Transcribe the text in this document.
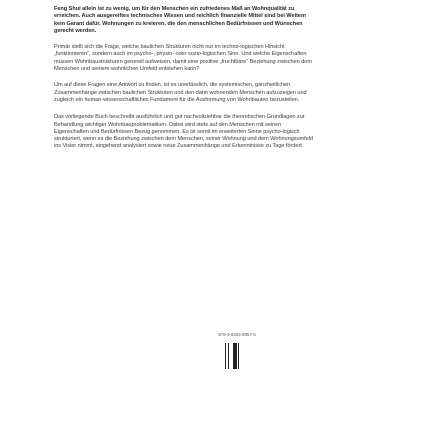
Feng Shui allein ist zu wenig, um für den Menschen ein zufriedenes Maß an Wohnqualität zu erreichen. Auch ausgereiftes technisches Wissen und reichlich finanzielle Mittel sind bei Weitem kein Garant dafür, Wohnungen zu kreieren, die den menschlichen Bedürfnissen und Wünschen gerecht werden.

Primär stellt sich die Frage, welche baulichen Strukturen nicht nur im techno-logischen Hinsicht „funktionieren“, sondern auch im psycho-, physio- oder sozio-logischen Sinn. Und welche Eigenschaften müssen Wohnbaustrukturen generell aufweisen, damit eine positive „fruchtbare“ Beziehung zwischen dem Menschen und seinem wohnlichen Umfeld entstehen kann?

Um auf diese Fragen eine Antwort zu finden, ist es unerlässlich, die systemischen, ganzheitlichen Zusammenhänge zwischen baulichen Strukturen und den darin wohnenden Menschen aufzuzeigen und zugleich ein human-wissenschaftliches Fundament für die Ausformung von Wohnbauten bezusteilen.

Das vorliegende Buch beschreibt ausführlich und gut nachvollziehbar die theoretischen Grundlagen zur Behandlung wichtiger Wohnbauproblematiken. Dabei wird stets auf den Menschen mit seinen Eigenschaften und Bedürfnissen Bezug genommen. Es ist somit im erweiterten Sinne psycho-logisch strukturiert, wenn es die Beziehung zwischen dem Menschen, seiner Wohnung und dem Wohnungsumfeld ins Visier nimmt, eingehend analysiert sowie neue Zusammenhänge und Erkenntnisse zu Tage fördert.

978-3-8334-9057-6
